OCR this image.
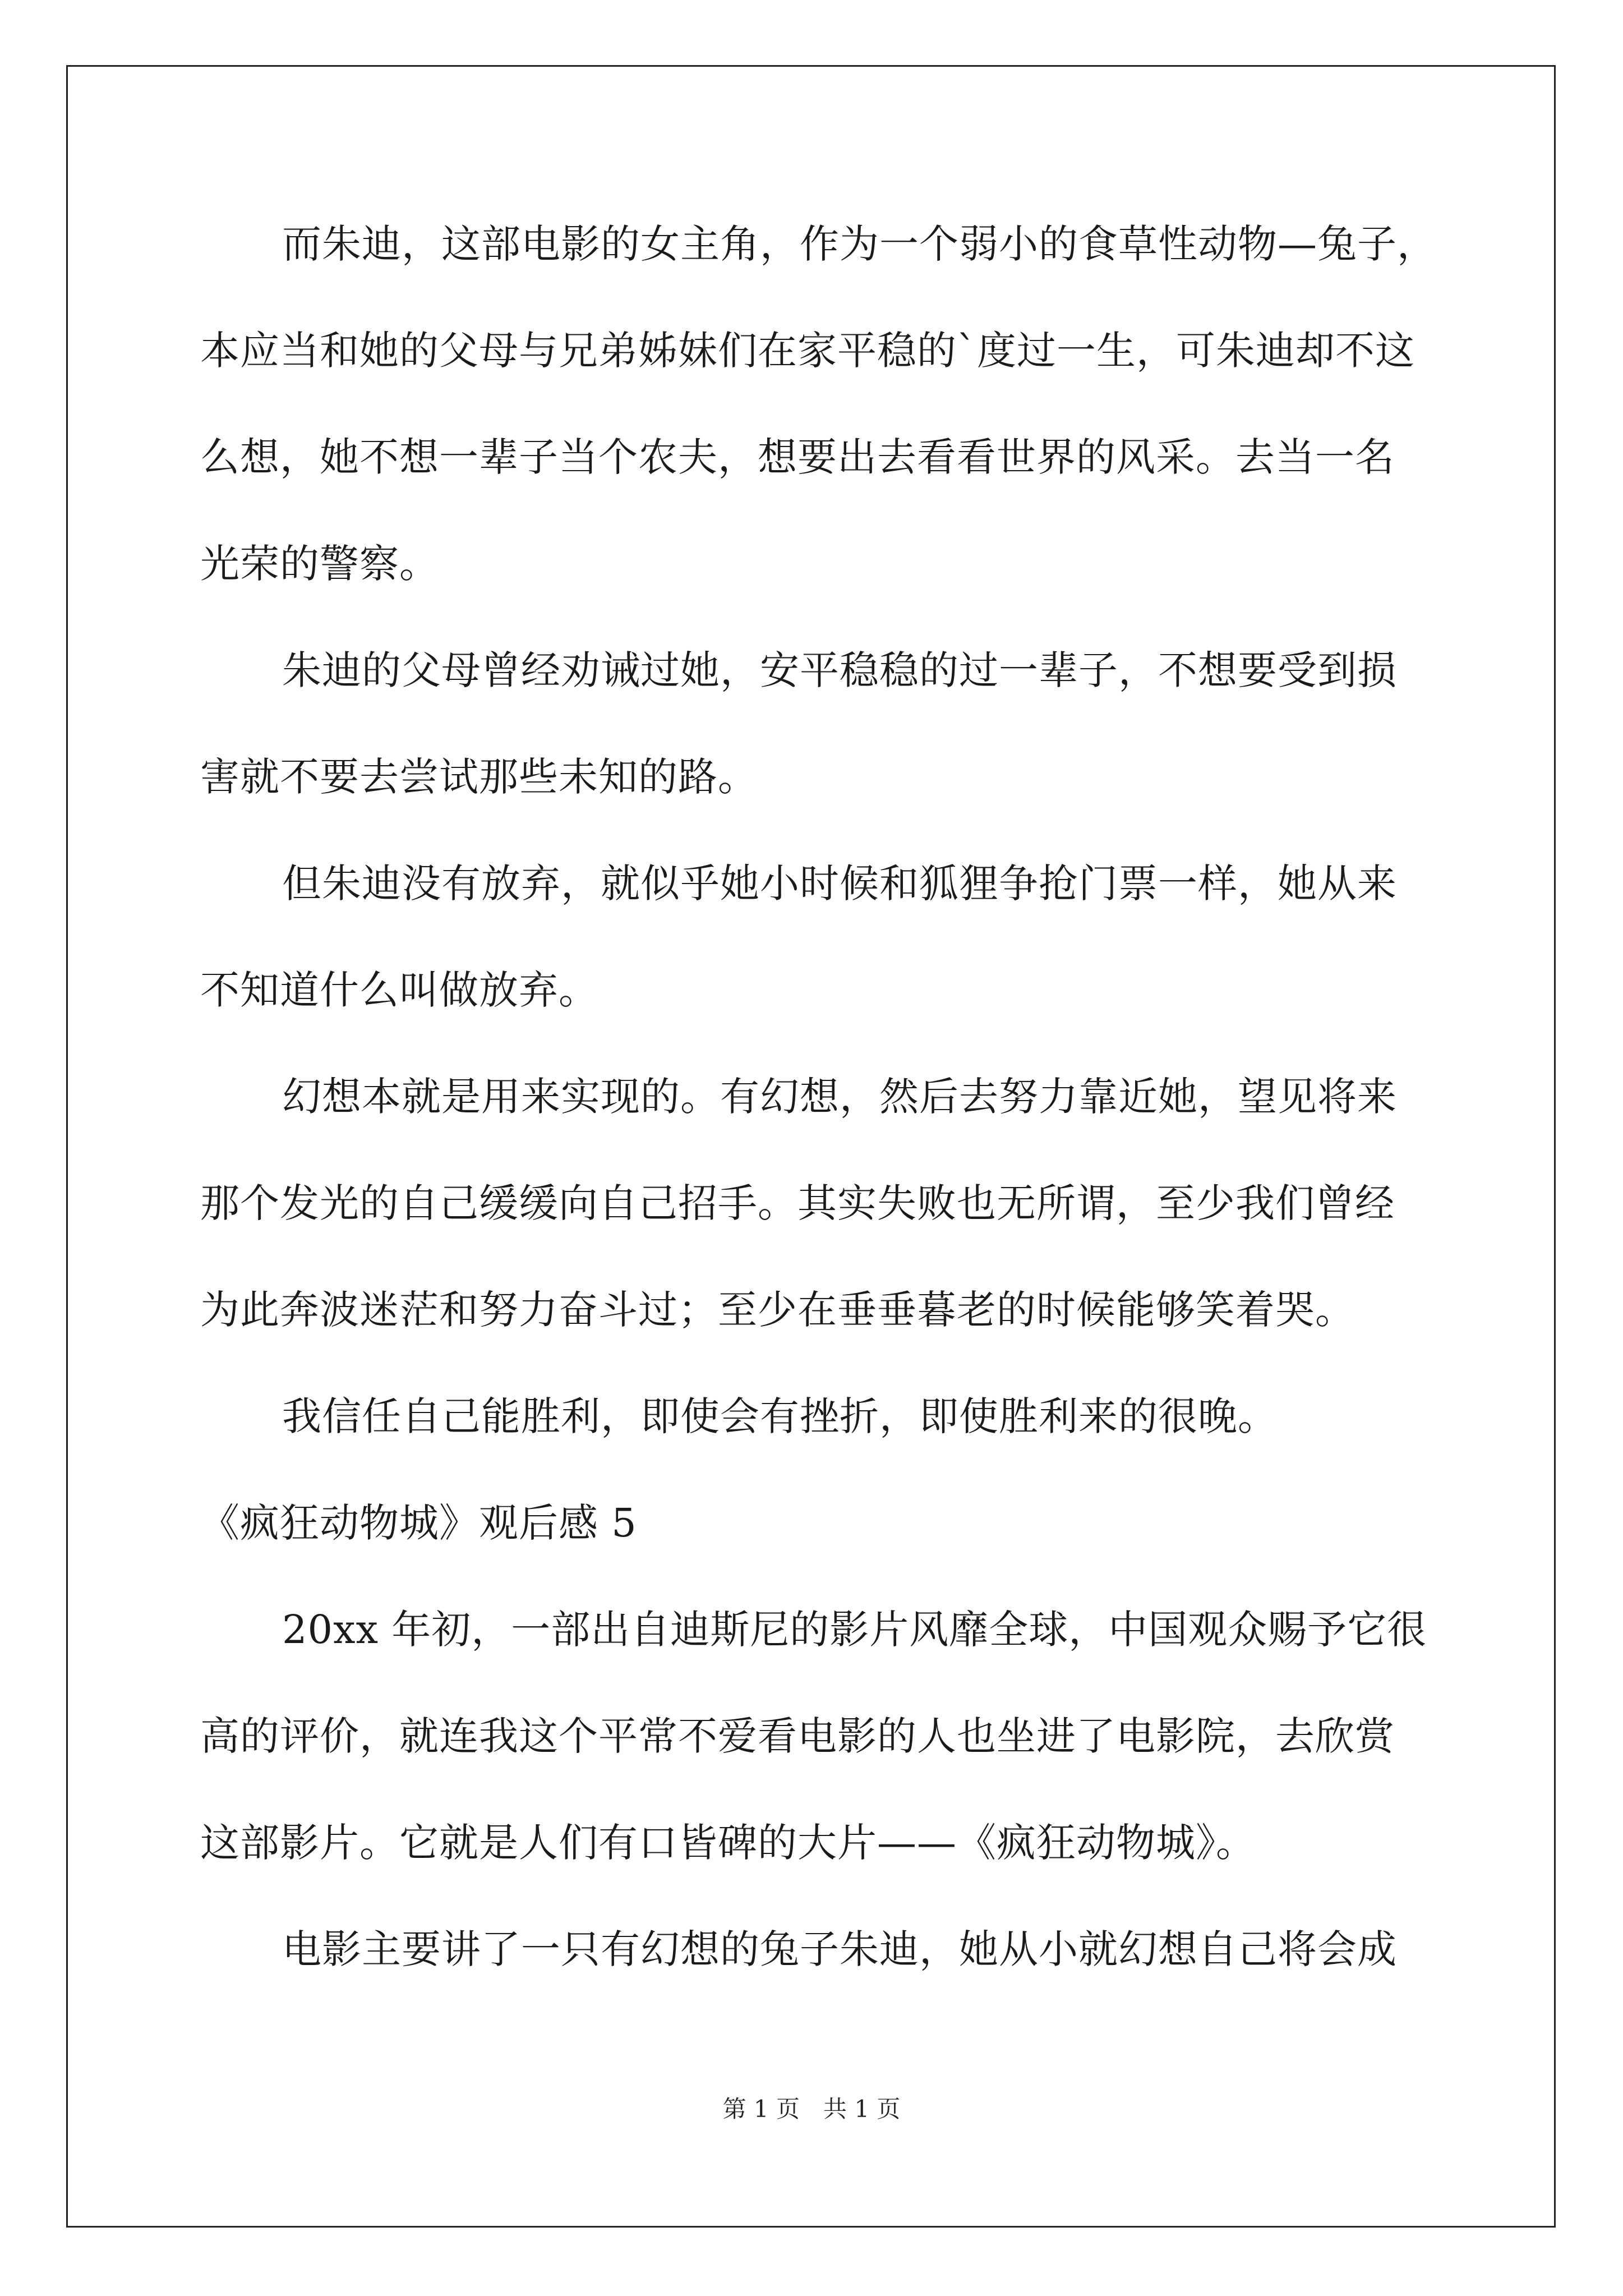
而朱迪，这部电影的女主角，作为一个弱小的食草性动物—兔子，
本应当和她的父母与兄弟姊妹们在家平稳的`度过一生，可朱迪却不这
么想，她不想一辈子当个农夫，想要出去看看世界的风采。去当一名
光荣的警察。
朱迪的父母曾经劝诫过她，安平稳稳的过一辈子，不想要受到损
害就不要去尝试那些未知的路。
但朱迪没有放弃，就似乎她小时候和狐狸争抢门票一样，她从来
不知道什么叫做放弃。
幻想本就是用来实现的。有幻想，然后去努力靠近她，望见将来
那个发光的自己缓缓向自己招手。其实失败也无所谓，至少我们曾经
为此奔波迷茫和努力奋斗过；至少在垂垂暮老的时候能够笑着哭。
我信任自己能胜利，即使会有挫折，即使胜利来的很晚。
《疯狂动物城》观后感 5
20xx 年初，一部出自迪斯尼的影片风靡全球，中国观众赐予它很
高的评价，就连我这个平常不爱看电影的人也坐进了电影院，去欣赏
这部影片。它就是人们有口皆碑的大片——《疯狂动物城》。
电影主要讲了一只有幻想的兔子朱迪，她从小就幻想自己将会成
第 1 页　共 1 页
